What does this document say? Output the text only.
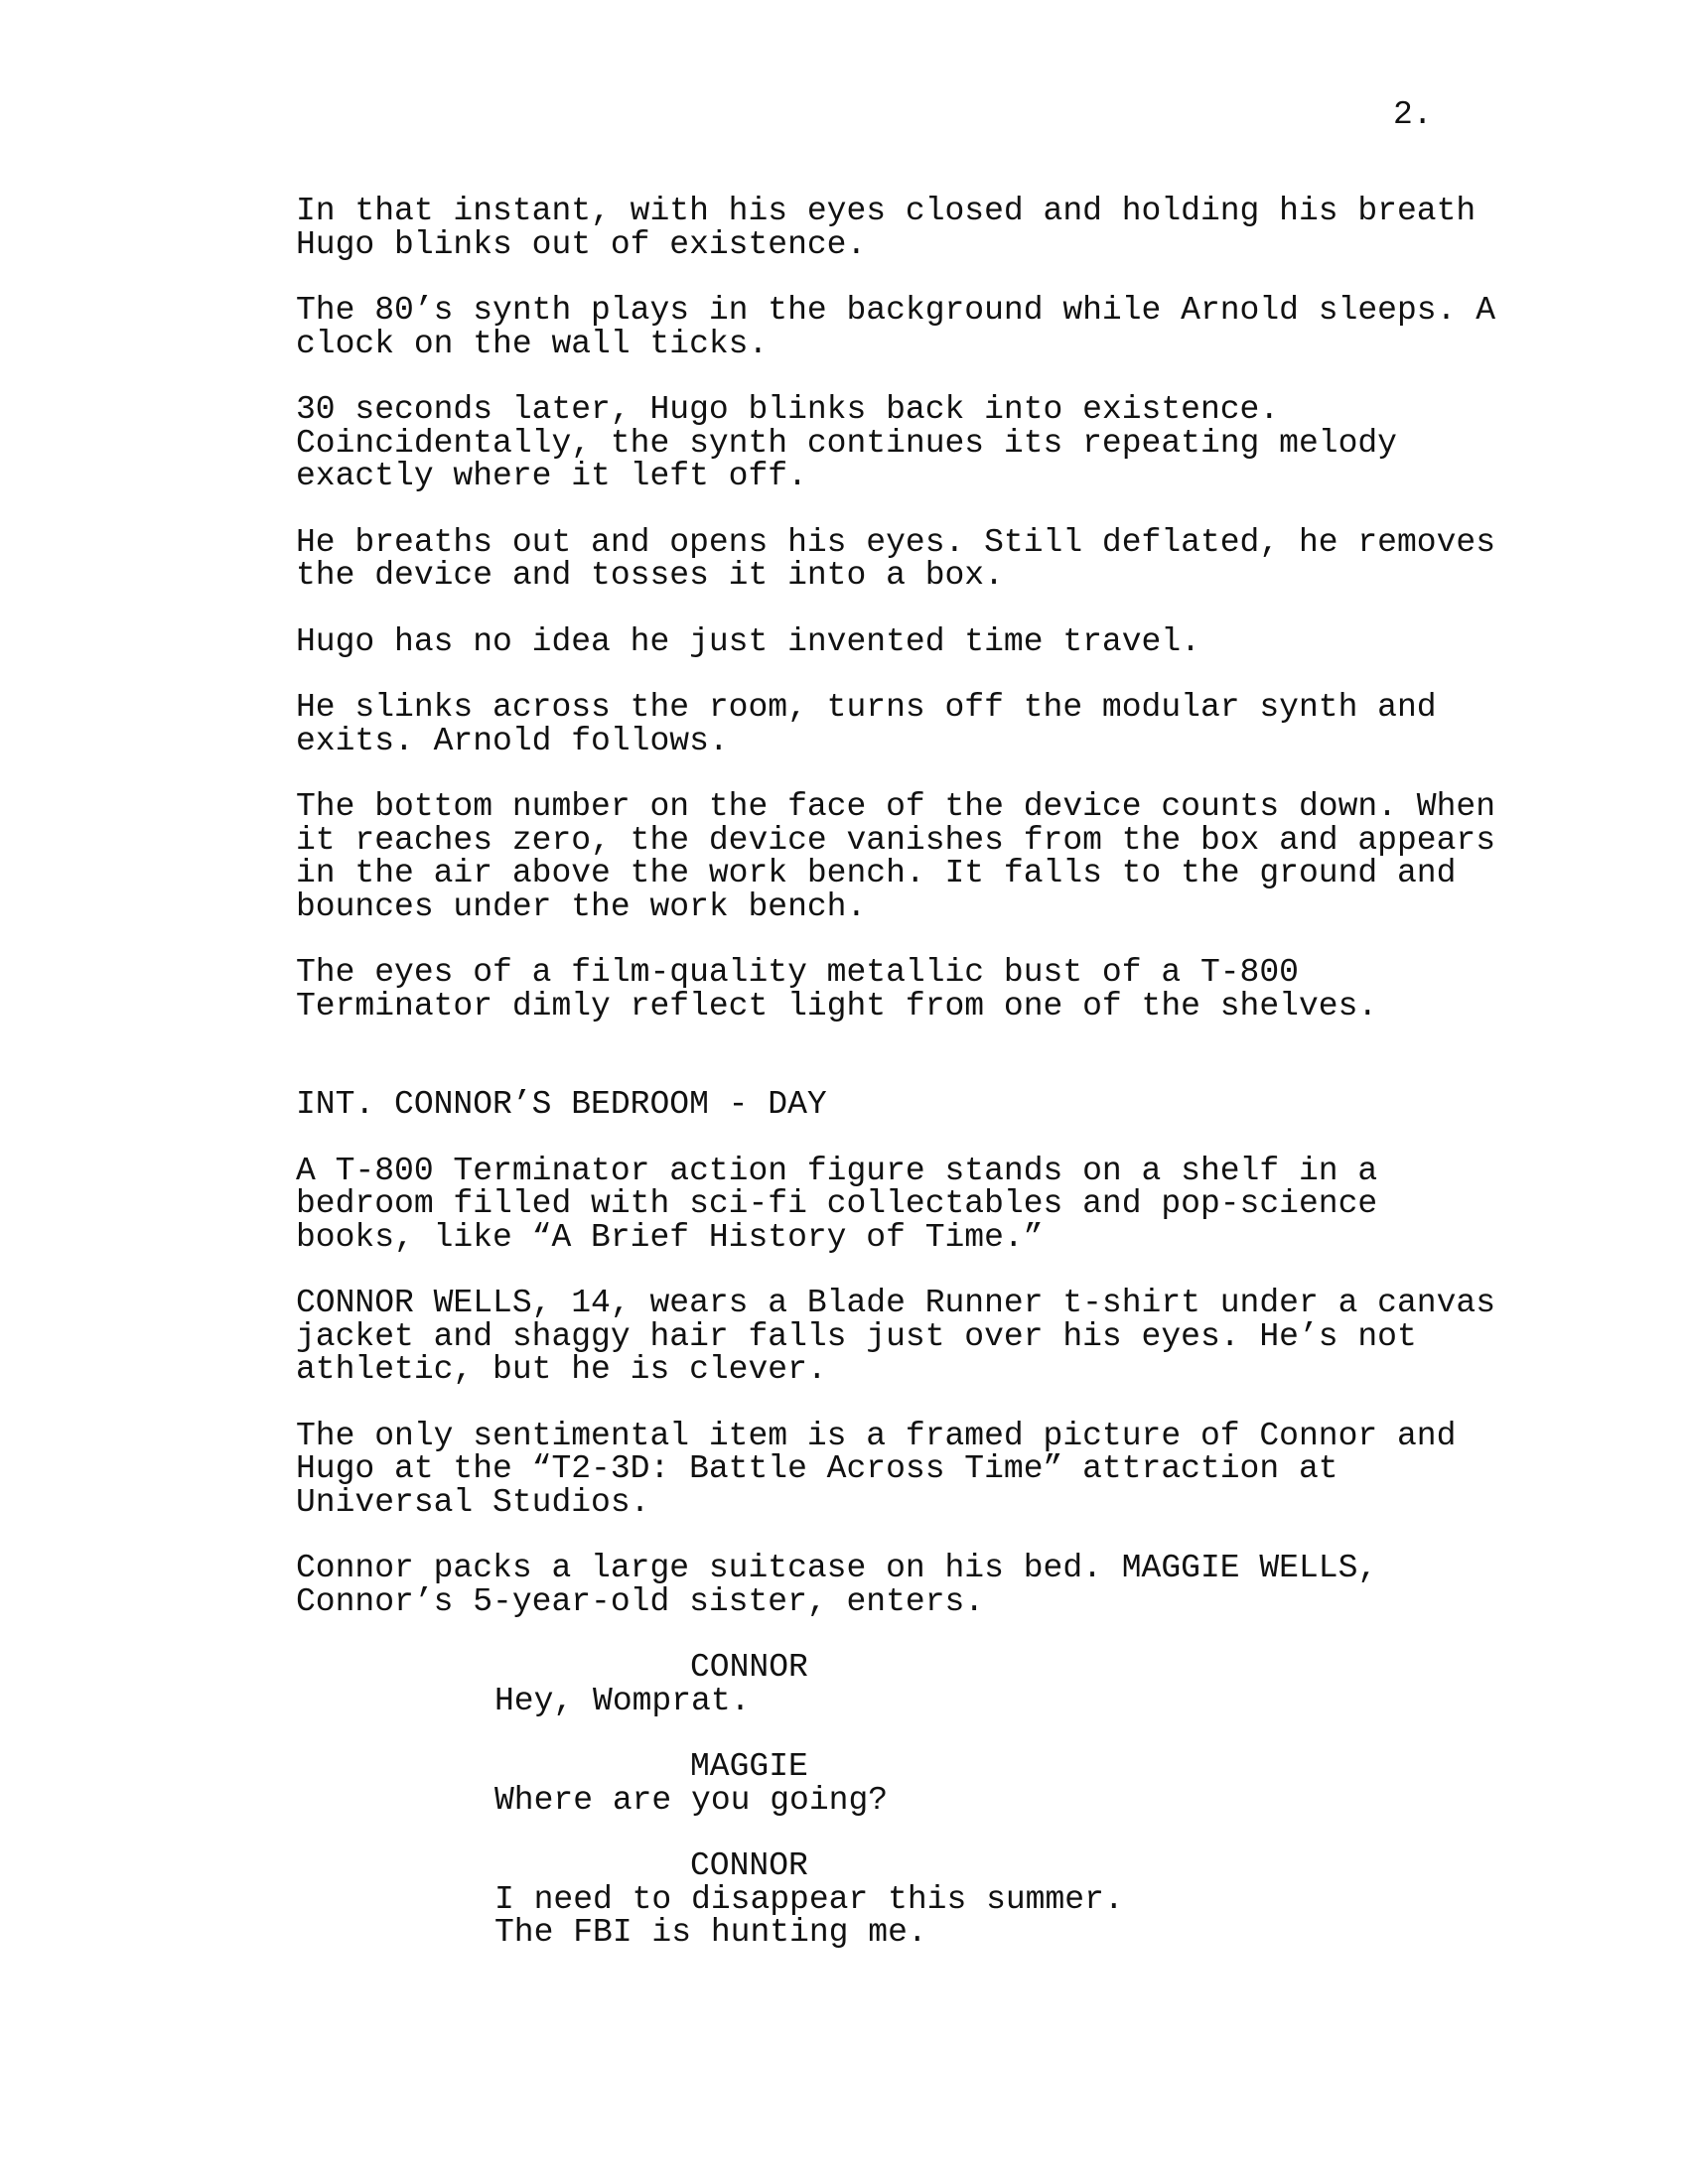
2.

In that instant, with his eyes closed and holding his breath
Hugo blinks out of existence.

The 80’s synth plays in the background while Arnold sleeps. A
clock on the wall ticks.

30 seconds later, Hugo blinks back into existence.
Coincidentally, the synth continues its repeating melody
exactly where it left off.

He breaths out and opens his eyes. Still deflated, he removes
the device and tosses it into a box.

Hugo has no idea he just invented time travel.

He slinks across the room, turns off the modular synth and
exits. Arnold follows.

The bottom number on the face of the device counts down. When
it reaches zero, the device vanishes from the box and appears
in the air above the work bench. It falls to the ground and
bounces under the work bench.

The eyes of a film-quality metallic bust of a T-800
Terminator dimly reflect light from one of the shelves.

INT. CONNOR’S BEDROOM - DAY

A T-800 Terminator action figure stands on a shelf in a
bedroom filled with sci-fi collectables and pop-science
books, like “A Brief History of Time.”

CONNOR WELLS, 14, wears a Blade Runner t-shirt under a canvas
jacket and shaggy hair falls just over his eyes. He’s not
athletic, but he is clever.

The only sentimental item is a framed picture of Connor and
Hugo at the “T2-3D: Battle Across Time” attraction at
Universal Studios.

Connor packs a large suitcase on his bed. MAGGIE WELLS,
Connor’s 5-year-old sister, enters.

CONNOR
Hey, Womprat.
MAGGIE
Where are you going?
CONNOR
I need to disappear this summer.
The FBI is hunting me.
